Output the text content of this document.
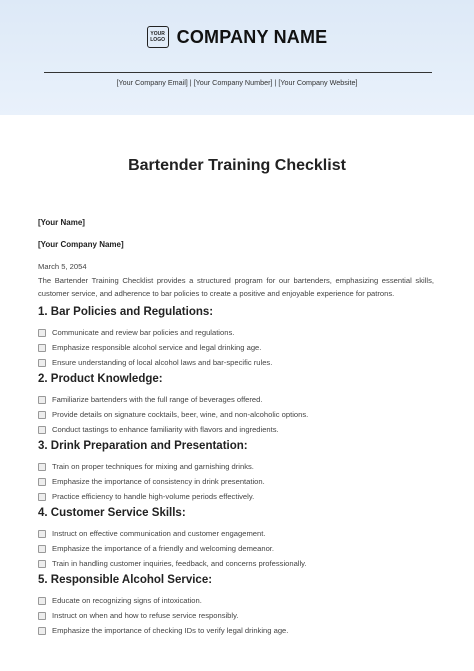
YOUR LOGO COMPANY NAME
[Your Company Email] | [Your Company Number] | [Your Company Website]
Bartender Training Checklist
[Your Name]
[Your Company Name]
March 5, 2054
The Bartender Training Checklist provides a structured program for our bartenders, emphasizing essential skills, customer service, and adherence to bar policies to create a positive and enjoyable experience for patrons.
1. Bar Policies and Regulations:
Communicate and review bar policies and regulations.
Emphasize responsible alcohol service and legal drinking age.
Ensure understanding of local alcohol laws and bar-specific rules.
2. Product Knowledge:
Familiarize bartenders with the full range of beverages offered.
Provide details on signature cocktails, beer, wine, and non-alcoholic options.
Conduct tastings to enhance familiarity with flavors and ingredients.
3. Drink Preparation and Presentation:
Train on proper techniques for mixing and garnishing drinks.
Emphasize the importance of consistency in drink presentation.
Practice efficiency to handle high-volume periods effectively.
4. Customer Service Skills:
Instruct on effective communication and customer engagement.
Emphasize the importance of a friendly and welcoming demeanor.
Train in handling customer inquiries, feedback, and concerns professionally.
5. Responsible Alcohol Service:
Educate on recognizing signs of intoxication.
Instruct on when and how to refuse service responsibly.
Emphasize the importance of checking IDs to verify legal drinking age.
